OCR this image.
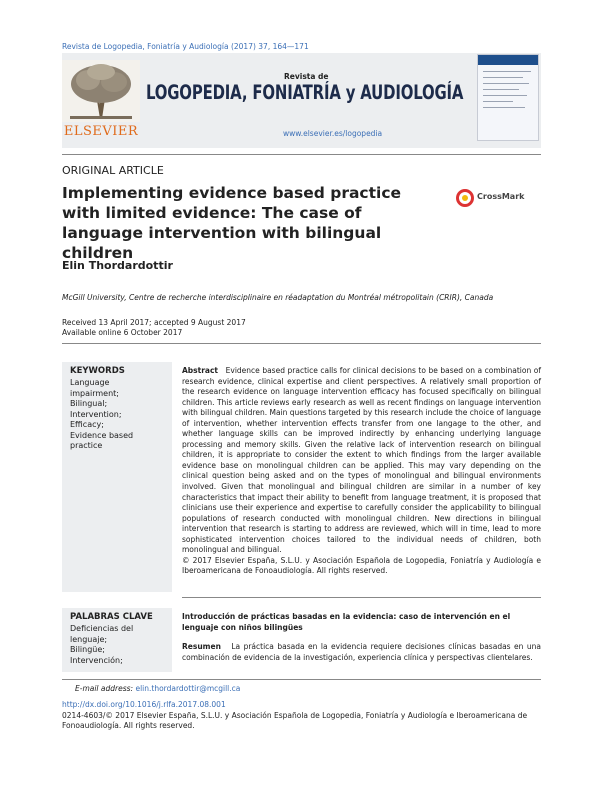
Revista de Logopedia, Foniatría y Audiología (2017) 37, 164—171
ELSEVIER
Revista de
LOGOPEDIA, FONIATRÍA y AUDIOLOGÍA
www.elsevier.es/logopedia
ORIGINAL ARTICLE
Implementing evidence based practice with limited evidence: The case of language intervention with bilingual children
CrossMark
Elin Thordardottir
McGill University, Centre de recherche interdisciplinaire en réadaptation du Montréal métropolitain (CRIR), Canada
Received 13 April 2017; accepted 9 August 2017
Available online 6 October 2017
KEYWORDS
Language
impairment;
Bilingual;
Intervention;
Efficacy;
Evidence based
practice
Abstract Evidence based practice calls for clinical decisions to be based on a combination of research evidence, clinical expertise and client perspectives. A relatively small proportion of the research evidence on language intervention efficacy has focused specifically on bilingual children. This article reviews early research as well as recent findings on language intervention with bilingual children. Main questions targeted by this research include the choice of language of intervention, whether intervention effects transfer from one langage to the other, and whether language skills can be improved indirectly by enhancing underlying language processing and memory skills. Given the relative lack of intervention research on bilingual children, it is appropriate to consider the extent to which findings from the larger available evidence base on monolingual children can be applied. This may vary depending on the clinical question being asked and on the types of monolingual and bilingual environments involved. Given that monolingual and bilingual children are similar in a number of key characteristics that impact their ability to benefit from language treatment, it is proposed that clinicians use their experience and expertise to carefully consider the applicability to bilingual populations of research conducted with monolingual children. New directions in bilingual intervention that research is starting to address are reviewed, which will in time, lead to more sophisticated intervention choices tailored to the individual needs of children, both monolingual and bilingual.
© 2017 Elsevier España, S.L.U. y Asociación Española de Logopedia, Foniatría y Audiología e Iberoamericana de Fonoaudiología. All rights reserved.
PALABRAS CLAVE
Deficiencias del
lenguaje;
Bilingüe;
Intervención;
Introducción de prácticas basadas en la evidencia: caso de intervención en el lenguaje con niños bilingües
Resumen La práctica basada en la evidencia requiere decisiones clínicas basadas en una combinación de evidencia de la investigación, experiencia clínica y perspectivas clientelares.
E-mail address: elin.thordardottir@mcgill.ca
http://dx.doi.org/10.1016/j.rlfa.2017.08.001
0214-4603/© 2017 Elsevier España, S.L.U. y Asociación Española de Logopedia, Foniatría y Audiología e Iberoamericana de Fonoaudiología. All rights reserved.
